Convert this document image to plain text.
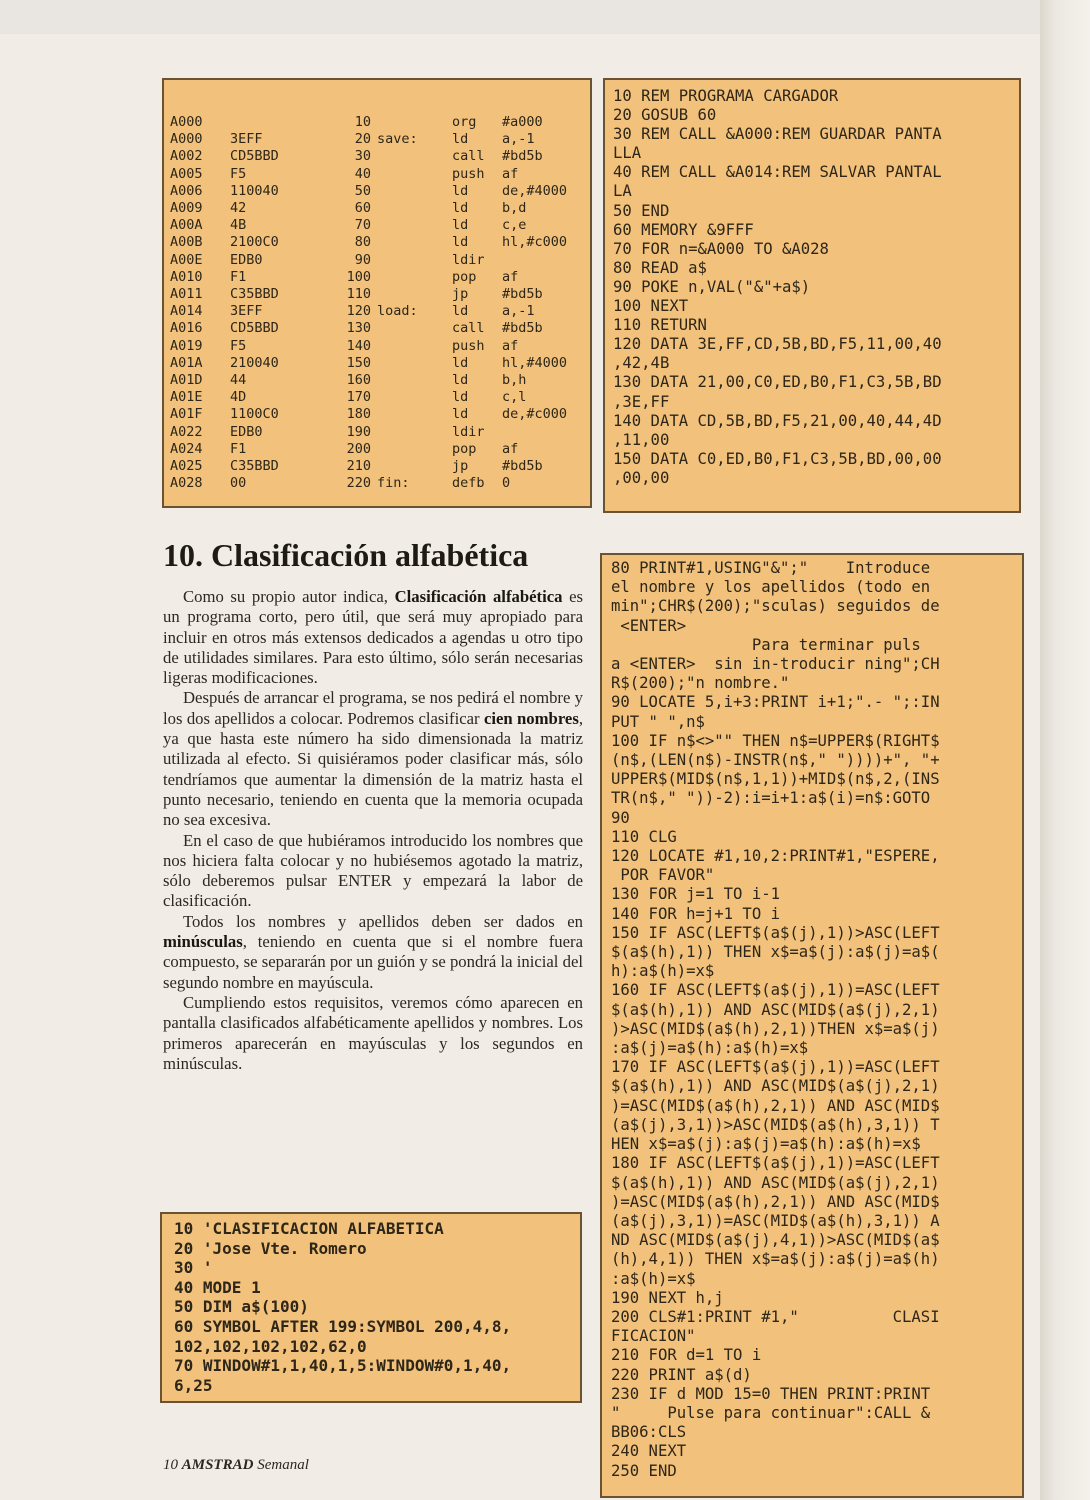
A000		10		org	#a000
A000	3EFF	20	save:	ld	a,-1
A002	CD5BBD	30		call	#bd5b
A005	F5	40		push	af
A006	110040	50		ld	de,#4000
A009	42	60		ld	b,d
A00A	4B	70		ld	c,e
A00B	2100C0	80		ld	hl,#c000
A00E	EDB0	90		ldir	
A010	F1	100		pop	af
A011	C35BBD	110		jp	#bd5b
A014	3EFF	120	load:	ld	a,-1
A016	CD5BBD	130		call	#bd5b
A019	F5	140		push	af
A01A	210040	150		ld	hl,#4000
A01D	44	160		ld	b,h
A01E	4D	170		ld	c,l
A01F	1100C0	180		ld	de,#c000
A022	EDB0	190		ldir	
A024	F1	200		pop	af
A025	C35BBD	210		jp	#bd5b
A028	00	220	fin:	defb	0
10 REM PROGRAMA CARGADOR
20 GOSUB 60
30 REM CALL &A000:REM GUARDAR PANTA
LLA
40 REM CALL &A014:REM SALVAR PANTAL
LA
50 END
60 MEMORY &9FFF
70 FOR n=&A000 TO &A028
80 READ a$
90 POKE n,VAL("&"+a$)
100 NEXT
110 RETURN
120 DATA 3E,FF,CD,5B,BD,F5,11,00,40
,42,4B
130 DATA 21,00,C0,ED,B0,F1,C3,5B,BD
,3E,FF
140 DATA CD,5B,BD,F5,21,00,40,44,4D
,11,00
150 DATA C0,ED,B0,F1,C3,5B,BD,00,00
,00,00
10. Clasificación alfabética

Como su propio autor indica, Clasificación alfabética es un programa corto, pero útil, que será muy apropiado para incluir en otros más extensos dedicados a agendas u otro tipo de utilidades similares. Para esto último, sólo serán necesarias ligeras modificaciones.

Después de arrancar el programa, se nos pedirá el nombre y los dos apellidos a colocar. Podremos clasificar cien nombres, ya que hasta este número ha sido dimensionada la matriz utilizada al efecto. Si quisiéramos poder clasificar más, sólo tendríamos que aumentar la dimensión de la matriz hasta el punto necesario, teniendo en cuenta que la memoria ocupada no sea excesiva.

En el caso de que hubiéramos introducido los nombres que nos hiciera falta colocar y no hubiésemos agotado la matriz, sólo deberemos pulsar ENTER y empezará la labor de clasificación.

Todos los nombres y apellidos deben ser dados en minúsculas, teniendo en cuenta que si el nombre fuera compuesto, se separarán por un guión y se pondrá la inicial del segundo nombre en mayúscula.

Cumpliendo estos requisitos, veremos cómo aparecen en pantalla clasificados alfabéticamente apellidos y nombres. Los primeros aparecerán en mayúsculas y los segundos en minúsculas.

10 'CLASIFICACION ALFABETICA
20 'Jose Vte. Romero
30 '
40 MODE 1
50 DIM a$(100)
60 SYMBOL AFTER 199:SYMBOL 200,4,8,
102,102,102,102,62,0
70 WINDOW#1,1,40,1,5:WINDOW#0,1,40,
6,25
80 PRINT#1,USING"&";"    Introduce
el nombre y los apellidos (todo en
min";CHR$(200);"sculas) seguidos de
<ENTER>
Para terminar puls
a <ENTER>  sin in-troducir ning";CH
R$(200);"n nombre."
90 LOCATE 5,i+3:PRINT i+1;".- ";:IN
PUT " ",n$
100 IF n$<>"" THEN n$=UPPER$(RIGHT$
(n$,(LEN(n$)-INSTR(n$," "))))+", "+
UPPER$(MID$(n$,1,1))+MID$(n$,2,(INS
TR(n$," "))-2):i=i+1:a$(i)=n$:GOTO
90
110 CLG
120 LOCATE #1,10,2:PRINT#1,"ESPERE,
POR FAVOR"
130 FOR j=1 TO i-1
140 FOR h=j+1 TO i
150 IF ASC(LEFT$(a$(j),1))>ASC(LEFT
$(a$(h),1)) THEN x$=a$(j):a$(j)=a$(
h):a$(h)=x$
160 IF ASC(LEFT$(a$(j),1))=ASC(LEFT
$(a$(h),1)) AND ASC(MID$(a$(j),2,1)
)>ASC(MID$(a$(h),2,1))THEN x$=a$(j)
:a$(j)=a$(h):a$(h)=x$
170 IF ASC(LEFT$(a$(j),1))=ASC(LEFT
$(a$(h),1)) AND ASC(MID$(a$(j),2,1)
)=ASC(MID$(a$(h),2,1)) AND ASC(MID$
(a$(j),3,1))>ASC(MID$(a$(h),3,1)) T
HEN x$=a$(j):a$(j)=a$(h):a$(h)=x$
180 IF ASC(LEFT$(a$(j),1))=ASC(LEFT
$(a$(h),1)) AND ASC(MID$(a$(j),2,1)
)=ASC(MID$(a$(h),2,1)) AND ASC(MID$
(a$(j),3,1))=ASC(MID$(a$(h),3,1)) A
ND ASC(MID$(a$(j),4,1))>ASC(MID$(a$
(h),4,1)) THEN x$=a$(j):a$(j)=a$(h)
:a$(h)=x$
190 NEXT h,j
200 CLS#1:PRINT #1,"          CLASI
FICACION"
210 FOR d=1 TO i
220 PRINT a$(d)
230 IF d MOD 15=0 THEN PRINT:PRINT
"     Pulse para continuar":CALL &
BB06:CLS
240 NEXT
250 END

10 AMSTRAD Semanal
